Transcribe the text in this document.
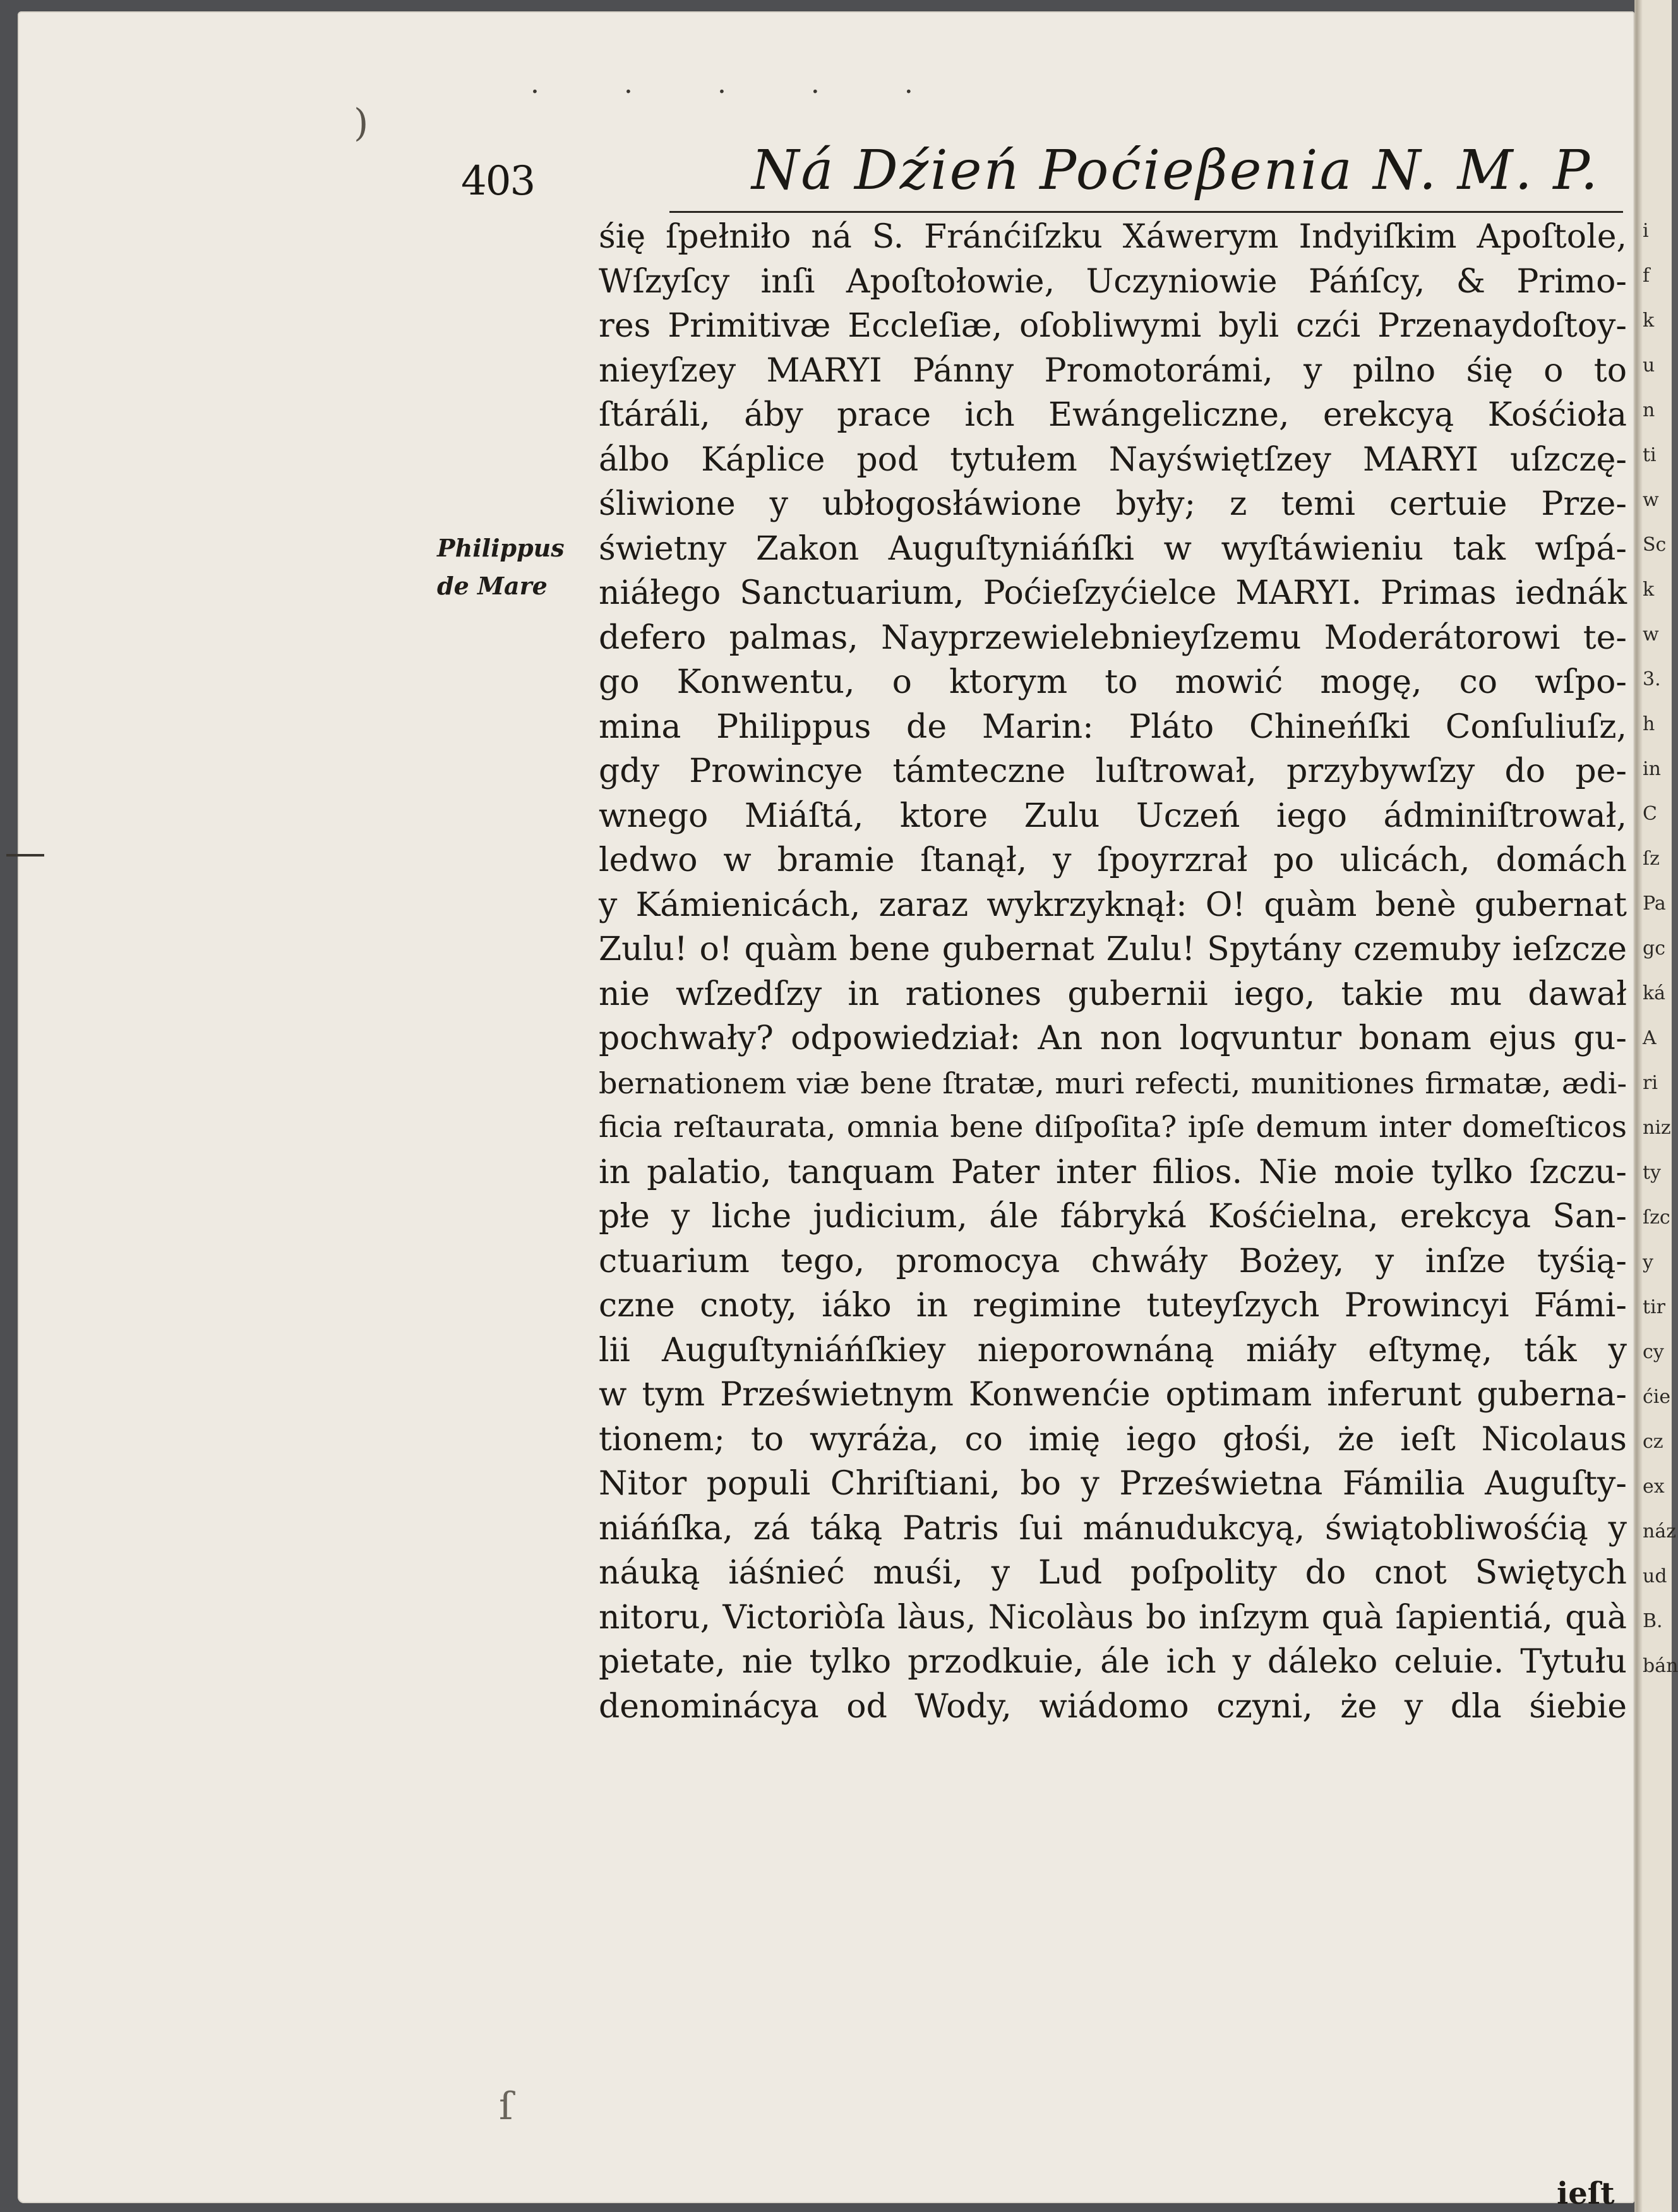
i
f
k
u
n
ti
w
Sc
k
w
3.
h
in
C
ſz
Pa
gc
ká
A
ri
niz
ty
ſzc
y
tir
cy
ćie
cz
ex
náz
ud
B.
bán
· · · · ·
)
ſ
403	Ná Dźień Poćieβenia N. M. P.
Philippus
de Mare
śię ſpełniło ná S. Fránćiſzku Xáwerym Indyiſkim Apoſtole,
Wſzyſcy inſi Apoſtołowie, Uczyniowie Páńſcy, & Primo-
res Primitivæ Eccleſiæ, oſobliwymi byli czći Przenaydoſtoy-
nieyſzey MARYI Pánny Promotorámi, y pilno śię o to
ſtáráli, áby prace ich Ewángeliczne, erekcyą Kośćioła
álbo Káplice pod tytułem Nayświętſzey MARYI uſzczę-
śliwione y ubłogosłáwione były; z temi certuie Prze-
świetny Zakon Auguſtyniáńſki w wyſtáwieniu tak wſpá-
niáłego Sanctuarium, Poćieſzyćielce MARYI. Primas iednák
defero palmas, Nayprzewielebnieyſzemu Moderátorowi te-
go Konwentu, o ktorym to mowić mogę, co wſpo-
mina Philippus de Marin: Pláto Chineńſki Conſuliuſz,
gdy Prowincye támteczne luſtrował, przybywſzy do pe-
wnego Miáſtá, ktore Zulu Uczeń iego ádminiſtrował,
ledwo w bramie ſtanął, y ſpoyrzrał po ulicách, domách
y Kámienicách, zaraz wykrzyknął: O! quàm benè gubernat
Zulu! o! quàm bene gubernat Zulu! Spytány czemuby ieſzcze
nie wſzedſzy in rationes gubernii iego, takie mu dawał
pochwały? odpowiedział: An non loqvuntur bonam ejus gu-
bernationem viæ bene ſtratæ, muri refecti, munitiones firmatæ, ædi-
ficia reſtaurata, omnia bene diſpoſita? ipſe demum inter domeſticos
in palatio, tanquam Pater inter filios. Nie moie tylko ſzczu-
płe y liche judicium, ále fábryká Kośćielna, erekcya San-
ctuarium tego, promocya chwáły Bożey, y inſze tyśią-
czne cnoty, iáko in regimine tuteyſzych Prowincyi Fámi-
lii Auguſtyniáńſkiey nieporownáną miáły eſtymę, ták y
w tym Prześwietnym Konwenćie optimam inferunt guberna-
tionem; to wyráża, co imię iego głośi, że ieſt Nicolaus
Nitor populi Chriſtiani, bo y Prześwietna Fámilia Auguſty-
niáńſka, zá táką Patris ſui mánudukcyą, świątobliwośćią y
náuką iáśnieć muśi, y Lud poſpolity do cnot Swiętych
nitoru, Victoriòſa làus, Nicolàus bo inſzym quà ſapientiá, quà
pietate, nie tylko przodkuie, ále ich y dáleko celuie. Tytułu
denominácya od Wody, wiádomo czyni, że y dla śiebie
ieſt
